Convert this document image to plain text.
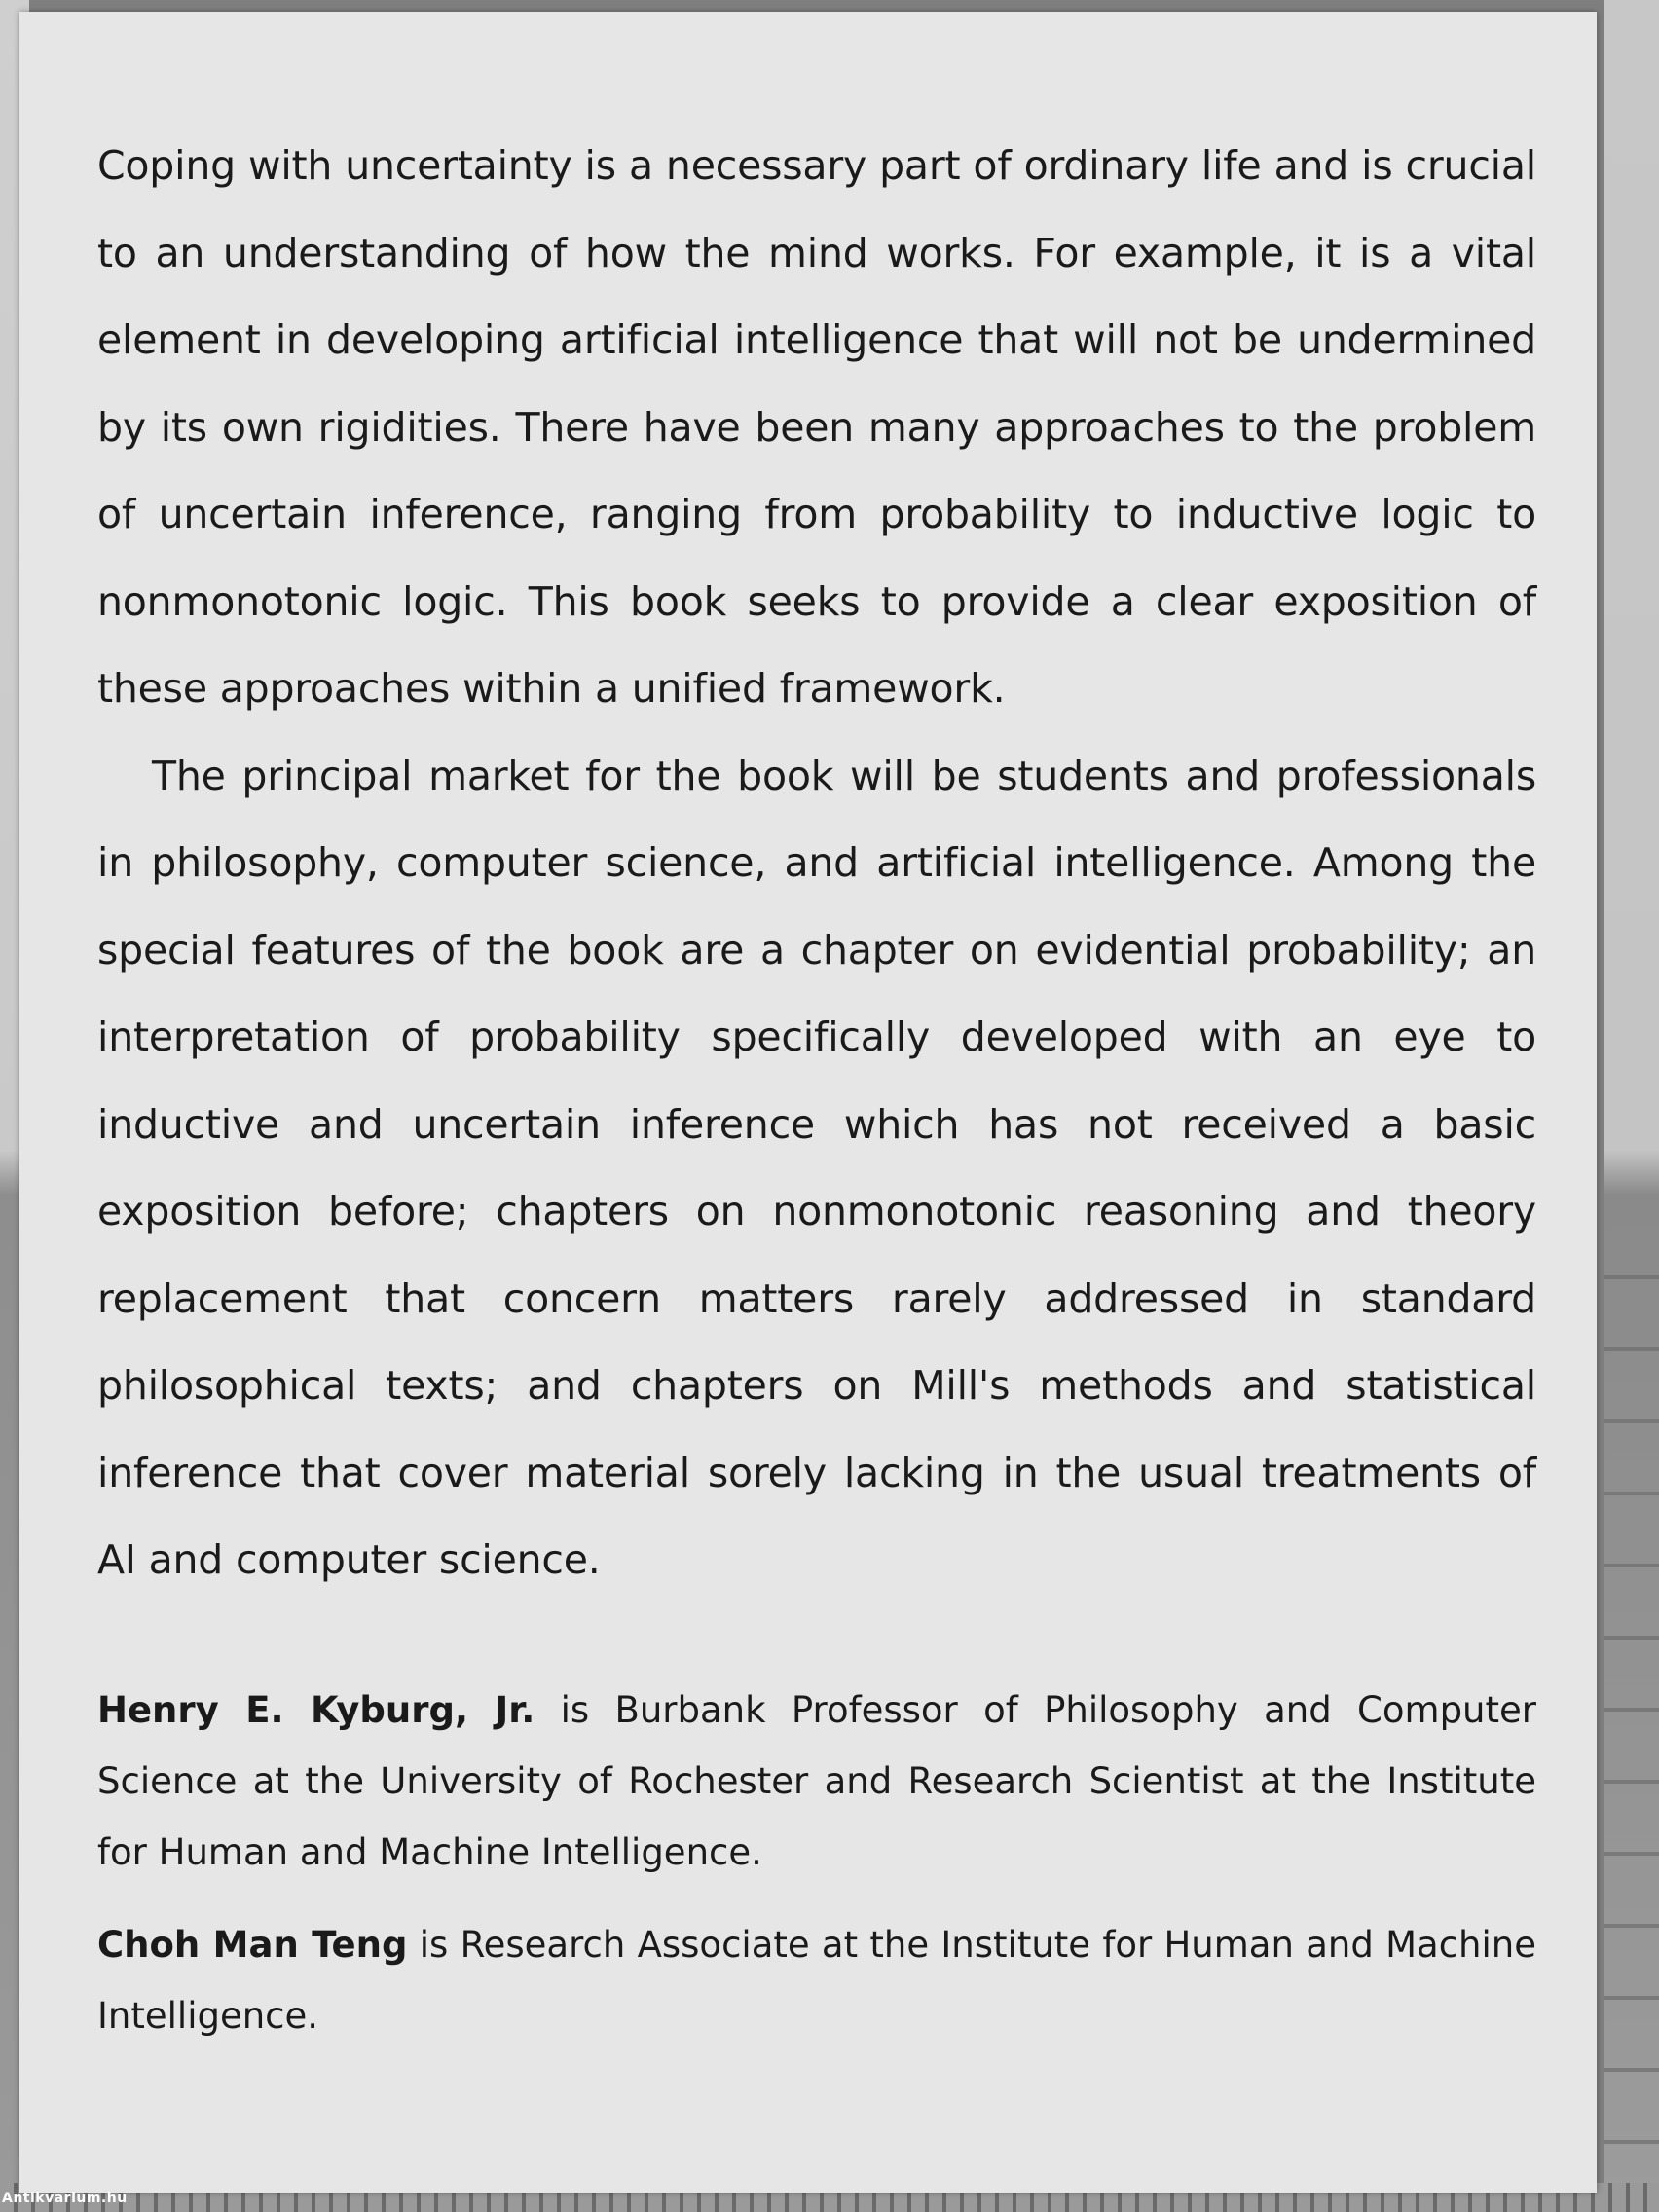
Coping with uncertainty is a necessary part of ordinary life and is crucial to an understanding of how the mind works. For example, it is a vital element in developing artificial intelligence that will not be undermined by its own rigidities. There have been many approaches to the problem of uncertain inference, ranging from probability to inductive logic to nonmonotonic logic. This book seeks to provide a clear exposition of these approaches within a unified framework.

The principal market for the book will be students and professionals in philosophy, computer science, and artificial intelligence. Among the special features of the book are a chapter on evidential probability; an interpretation of probability specifically developed with an eye to inductive and uncertain inference which has not received a basic exposition before; chapters on nonmonotonic reasoning and theory replacement that concern matters rarely addressed in standard philosophical texts; and chapters on Mill's methods and statistical inference that cover material sorely lacking in the usual treatments of AI and computer science.

Henry E. Kyburg, Jr. is Burbank Professor of Philosophy and Computer Science at the University of Rochester and Research Scientist at the Institute for Human and Machine Intelligence.

Choh Man Teng is Research Associate at the Institute for Human and Machine Intelligence.

Antikvarium.hu
